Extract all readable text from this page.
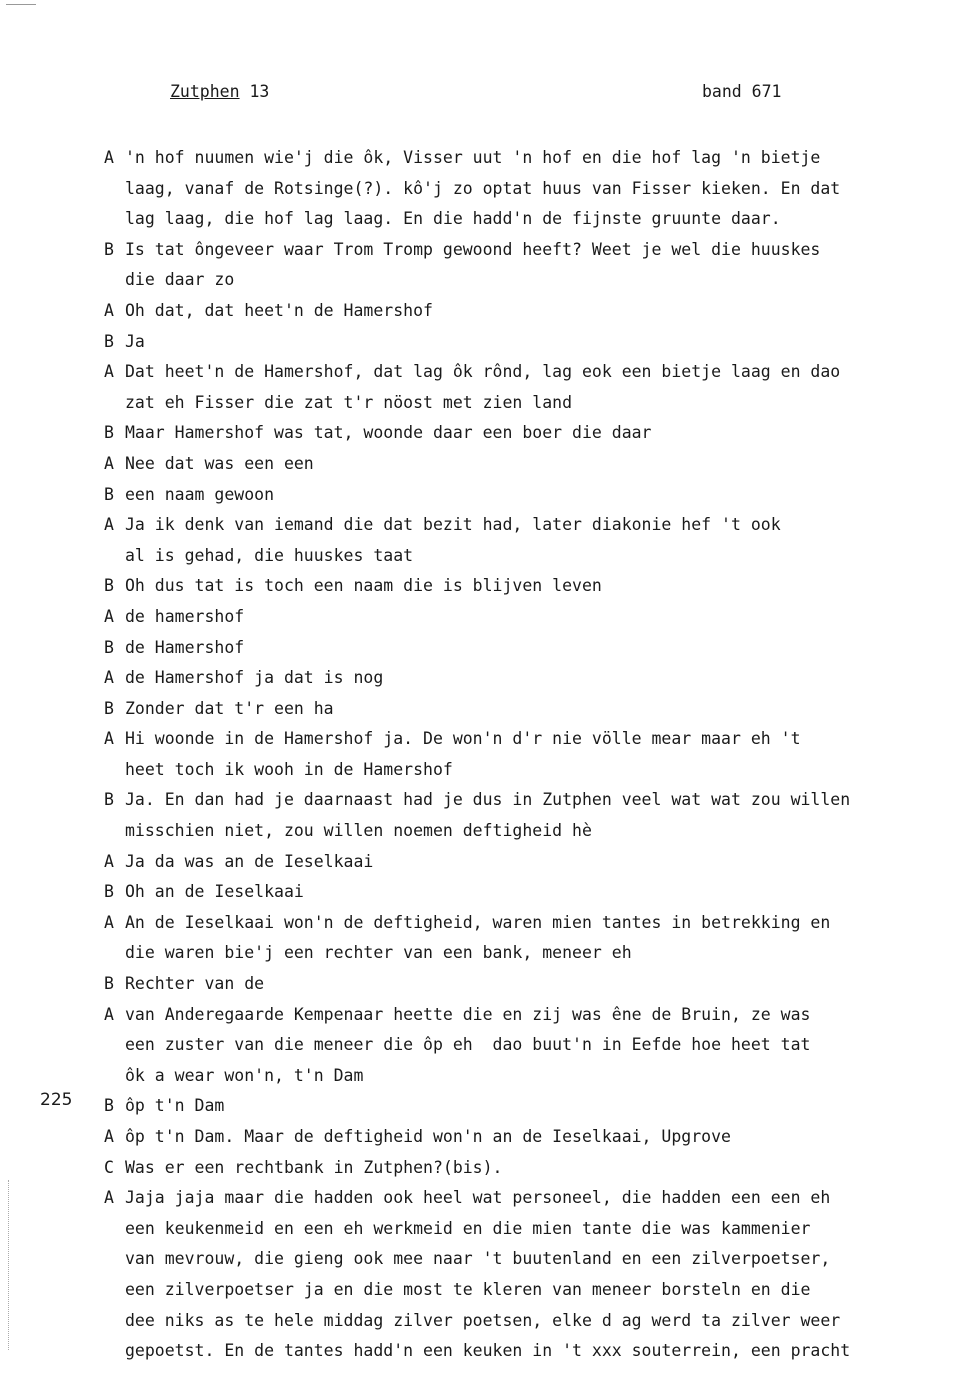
Zutphen 13	band 671
225
A 'n hof nuumen wie'j die ôk, Visser uut 'n hof en die hof lag 'n bietje
laag, vanaf de Rotsinge(?). kô'j zo optat huus van Fisser kieken. En dat
lag laag, die hof lag laag. En die hadd'n de fijnste gruunte daar.
B Is tat ôngeveer waar Trom Tromp gewoond heeft? Weet je wel die huuskes
die daar zo
A Oh dat, dat heet'n de Hamershof
B Ja
A Dat heet'n de Hamershof, dat lag ôk rônd, lag eok een bietje laag en dao
zat eh Fisser die zat t'r nöost met zien land
B Maar Hamershof was tat, woonde daar een boer die daar
A Nee dat was een een
B een naam gewoon
A Ja ik denk van iemand die dat bezit had, later diakonie hef 't ook
al is gehad, die huuskes taat
B Oh dus tat is toch een naam die is blijven leven
A de hamershof
B de Hamershof
A de Hamershof ja dat is nog
B Zonder dat t'r een ha
A Hi woonde in de Hamershof ja. De won'n d'r nie völle mear maar eh 't
heet toch ik wooh in de Hamershof
B Ja. En dan had je daarnaast had je dus in Zutphen veel wat wat zou willen
misschien niet, zou willen noemen deftigheid hè
A Ja da was an de Ieselkaai
B Oh an de Ieselkaai
A An de Ieselkaai won'n de deftigheid, waren mien tantes in betrekking en
die waren bie'j een rechter van een bank, meneer eh
B Rechter van de
A van Anderegaarde Kempenaar heette die en zij was êne de Bruin, ze was
een zuster van die meneer die ôp eh  dao buut'n in Eefde hoe heet tat
ôk a wear won'n, t'n Dam
B ôp t'n Dam
A ôp t'n Dam. Maar de deftigheid won'n an de Ieselkaai, Upgrove
C Was er een rechtbank in Zutphen?(bis).
A Jaja jaja maar die hadden ook heel wat personeel, die hadden een een eh
een keukenmeid en een eh werkmeid en die mien tante die was kammenier
van mevrouw, die gieng ook mee naar 't buutenland en een zilverpoetser,
een zilverpoetser ja en die most te kleren van meneer borsteln en die
dee niks as te hele middag zilver poetsen, elke d ag werd ta zilver weer
gepoetst. En de tantes hadd'n een keuken in 't xxx souterrein, een pracht
